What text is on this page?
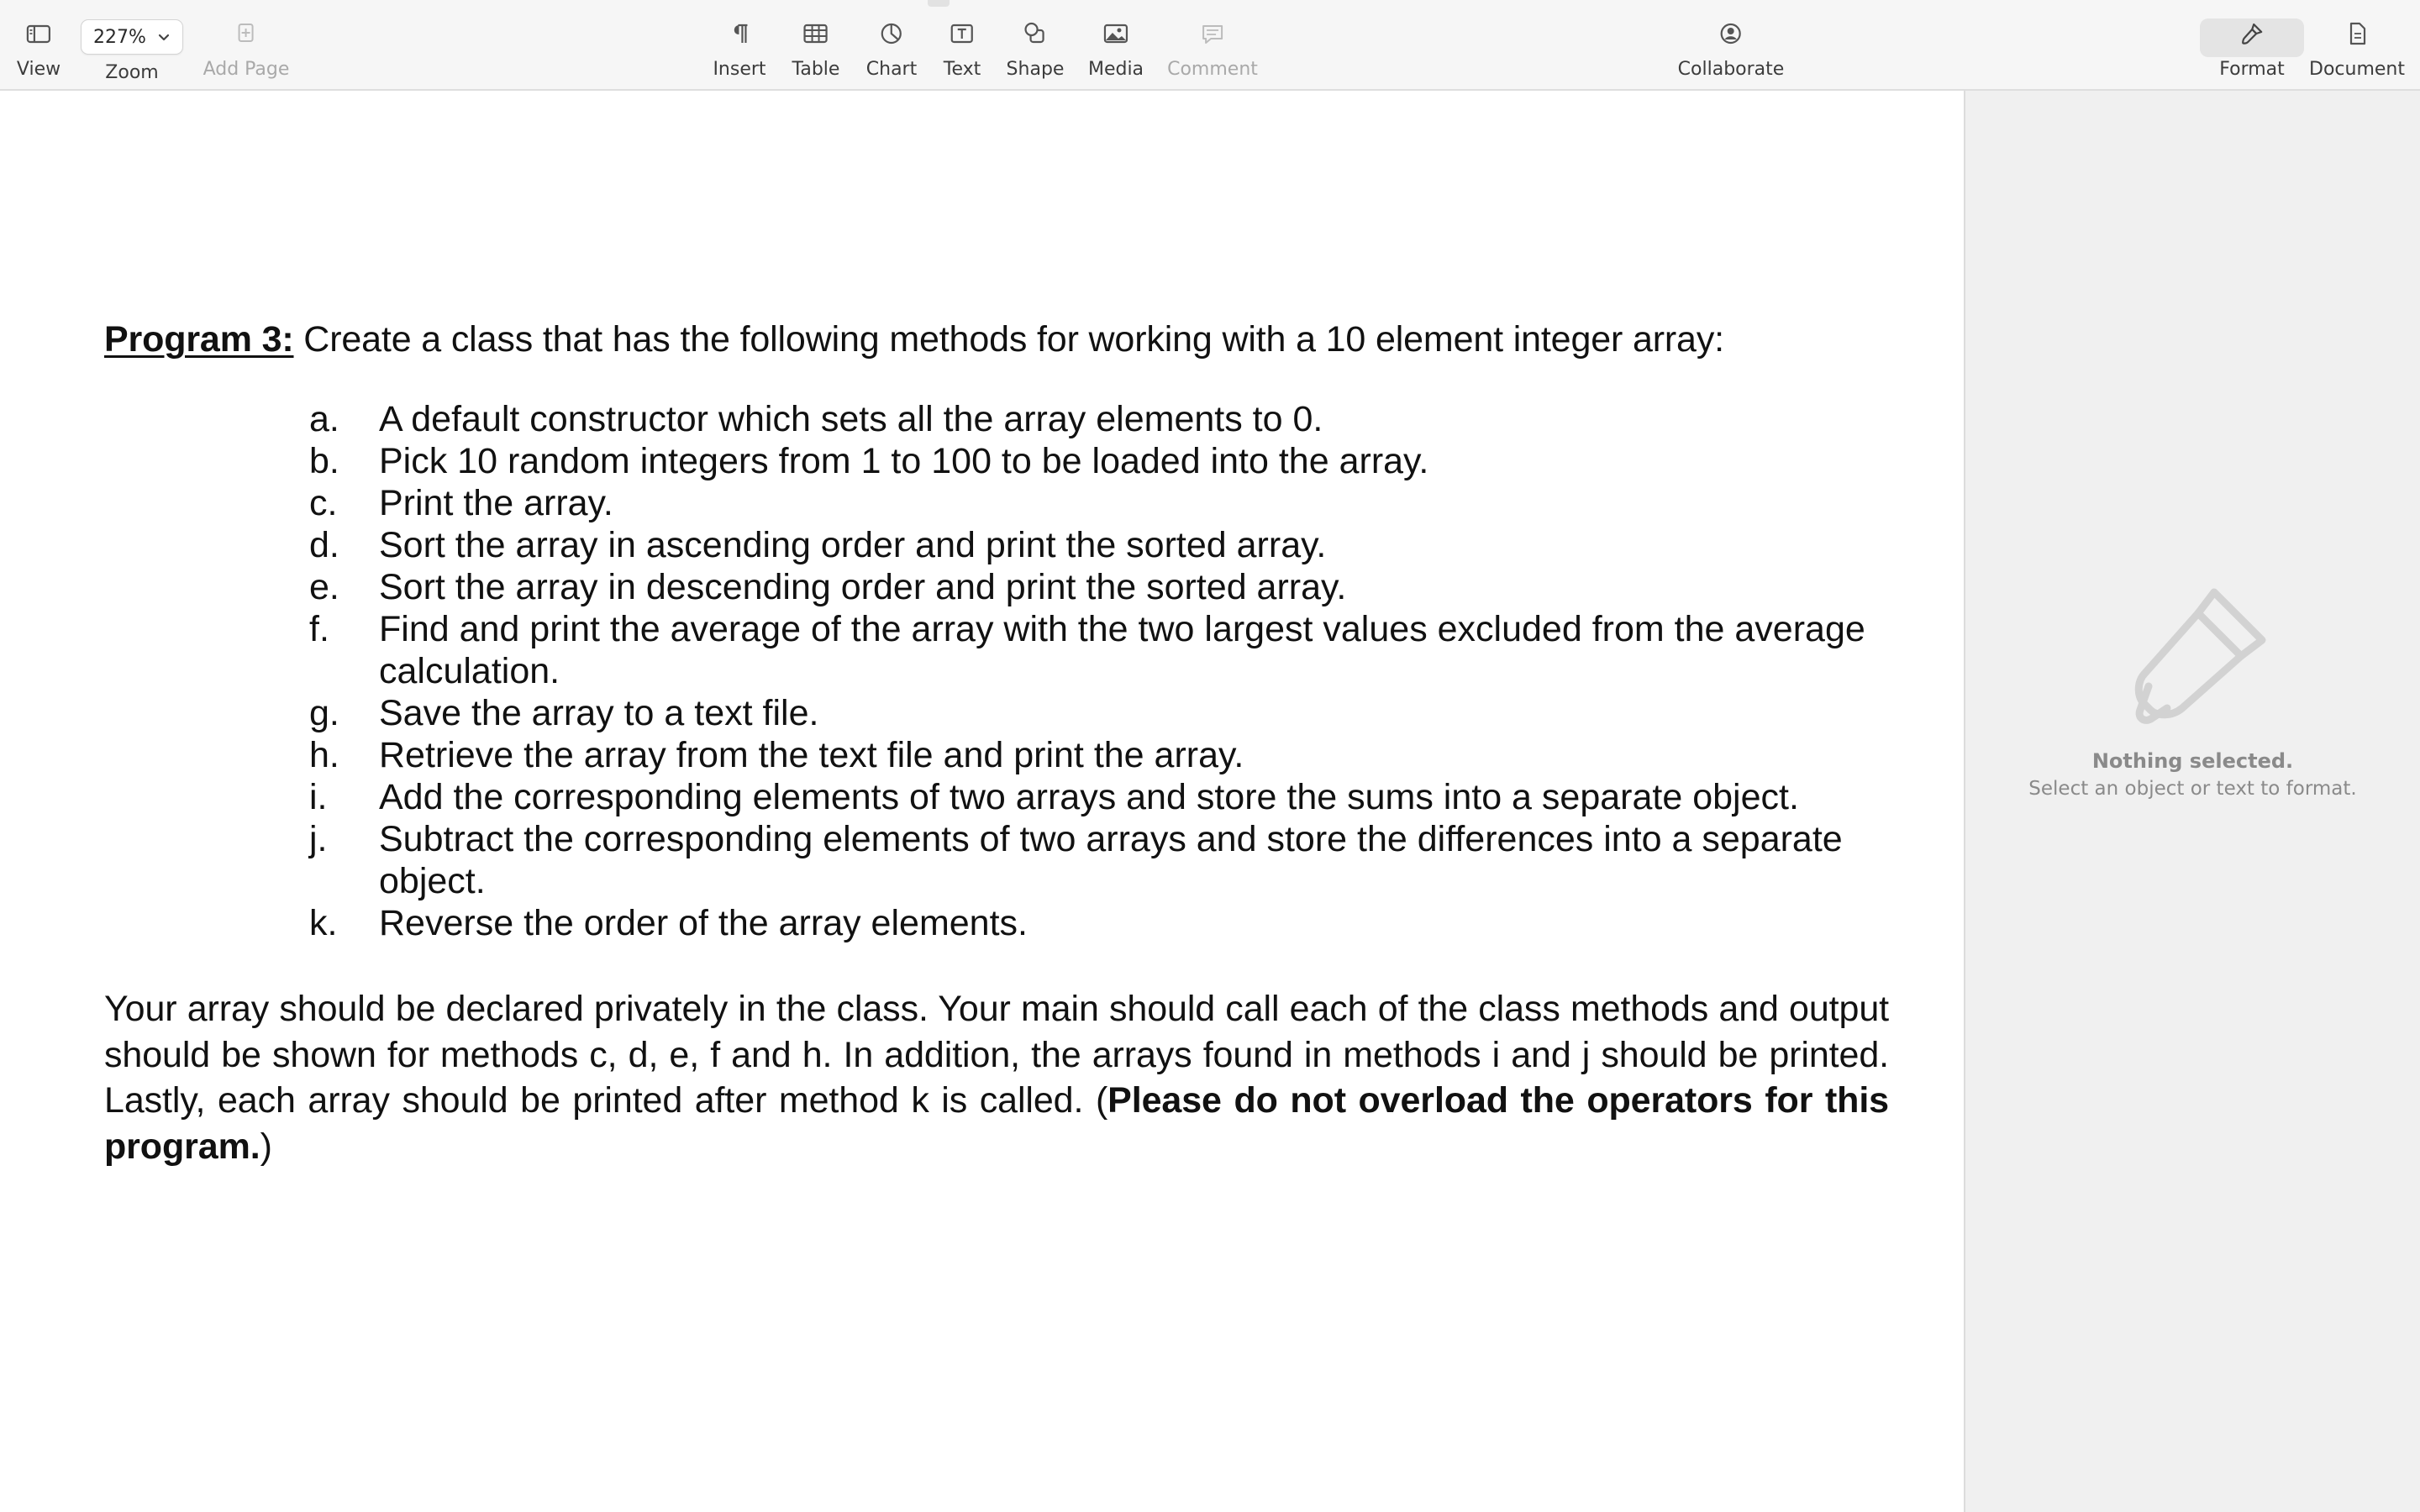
View
227%
Zoom Add Page	Insert Table Chart Text Shape Media Comment	Collaborate	Format Document
Program 3: Create a class that has the following methods for working with a 10 element integer array:
a. A default constructor which sets all the array elements to 0.
b. Pick 10 random integers from 1 to 100 to be loaded into the array.
c. Print the array.
d. Sort the array in ascending order and print the sorted array.
e. Sort the array in descending order and print the sorted array.
f. Find and print the average of the array with the two largest values excluded from the average calculation.
g. Save the array to a text file.
h. Retrieve the array from the text file and print the array.
i. Add the corresponding elements of two arrays and store the sums into a separate object.
j. Subtract the corresponding elements of two arrays and store the differences into a separate object.
k. Reverse the order of the array elements.
Your array should be declared privately in the class. Your main should call each of the class methods and output should be shown for methods c, d, e, f and h. In addition, the arrays found in methods i and j should be printed. Lastly, each array should be printed after method k is called. (Please do not overload the operators for this program.)
Nothing selected.
Select an object or text to format.
